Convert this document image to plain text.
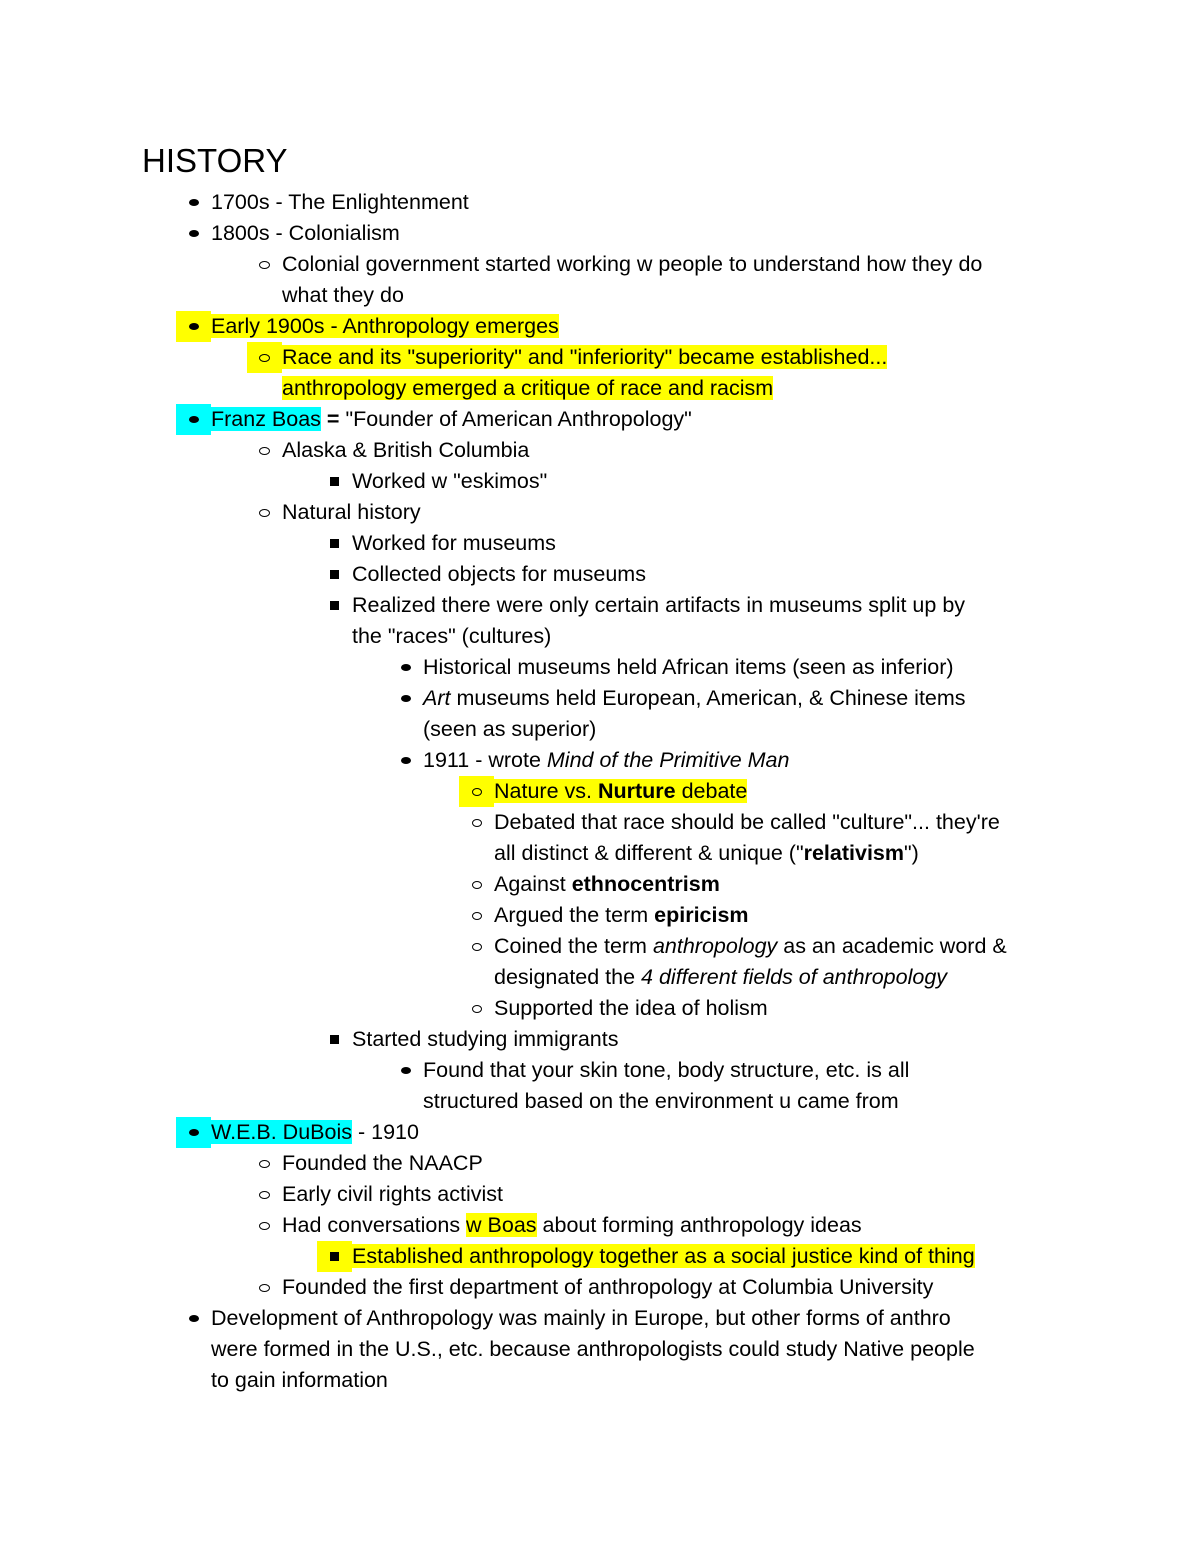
HISTORY
1700s - The Enlightenment
1800s - Colonialism
Colonial government started working w people to understand how they do
what they do
Early 1900s - Anthropology emerges
Race and its "superiority" and "inferiority" became established...
anthropology emerged a critique of race and racism
Franz Boas = "Founder of American Anthropology"
Alaska & British Columbia
Worked w "eskimos"
Natural history
Worked for museums
Collected objects for museums
Realized there were only certain artifacts in museums split up by
the "races" (cultures)
Historical museums held African items (seen as inferior)
Art museums held European, American, & Chinese items
(seen as superior)
1911 - wrote Mind of the Primitive Man
Nature vs. Nurture debate
Debated that race should be called "culture"... they're
all distinct & different & unique ("relativism")
Against ethnocentrism
Argued the term epiricism
Coined the term anthropology as an academic word &
designated the 4 different fields of anthropology
Supported the idea of holism
Started studying immigrants
Found that your skin tone, body structure, etc. is all
structured based on the environment u came from
W.E.B. DuBois - 1910
Founded the NAACP
Early civil rights activist
Had conversations w Boas about forming anthropology ideas
Established anthropology together as a social justice kind of thing
Founded the first department of anthropology at Columbia University
Development of Anthropology was mainly in Europe, but other forms of anthro
were formed in the U.S., etc. because anthropologists could study Native people
to gain information
